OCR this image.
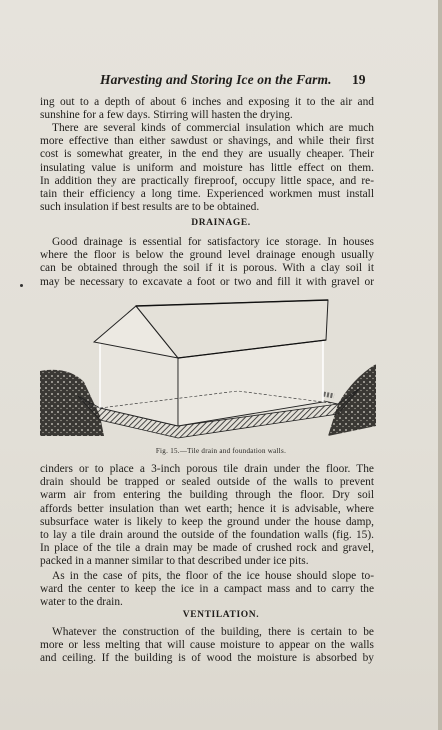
Harvesting and Storing Ice on the Farm. 19

ing out to a depth of about 6 inches and exposing it to the air and
sunshine for a few days. Stirring will hasten the drying.

There are several kinds of commercial insulation which are much
more effective than either sawdust or shavings, and while their first
cost is somewhat greater, in the end they are usually cheaper. Their
insulating value is uniform and moisture has little effect on them.
In addition they are practically fireproof, occupy little space, and re-
tain their efficiency a long time. Experienced workmen must install
such insulation if best results are to be obtained.

DRAINAGE.

Good drainage is essential for satisfactory ice storage. In houses
where the floor is below the ground level drainage enough usually
can be obtained through the soil if it is porous. With a clay soil it
may be necessary to excavate a foot or two and fill it with gravel or

Fig. 15.—Tile drain and foundation walls.

cinders or to place a 3-inch porous tile drain under the floor. The
drain should be trapped or sealed outside of the walls to prevent
warm air from entering the building through the floor. Dry soil
affords better insulation than wet earth; hence it is advisable, where
subsurface water is likely to keep the ground under the house damp,
to lay a tile drain around the outside of the foundation walls (fig. 15).
In place of the tile a drain may be made of crushed rock and gravel,
packed in a manner similar to that described under ice pits.

As in the case of pits, the floor of the ice house should slope to-
ward the center to keep the ice in a campact mass and to carry the
water to the drain.

VENTILATION.

Whatever the construction of the building, there is certain to be
more or less melting that will cause moisture to appear on the walls
and ceiling. If the building is of wood the moisture is absorbed by
